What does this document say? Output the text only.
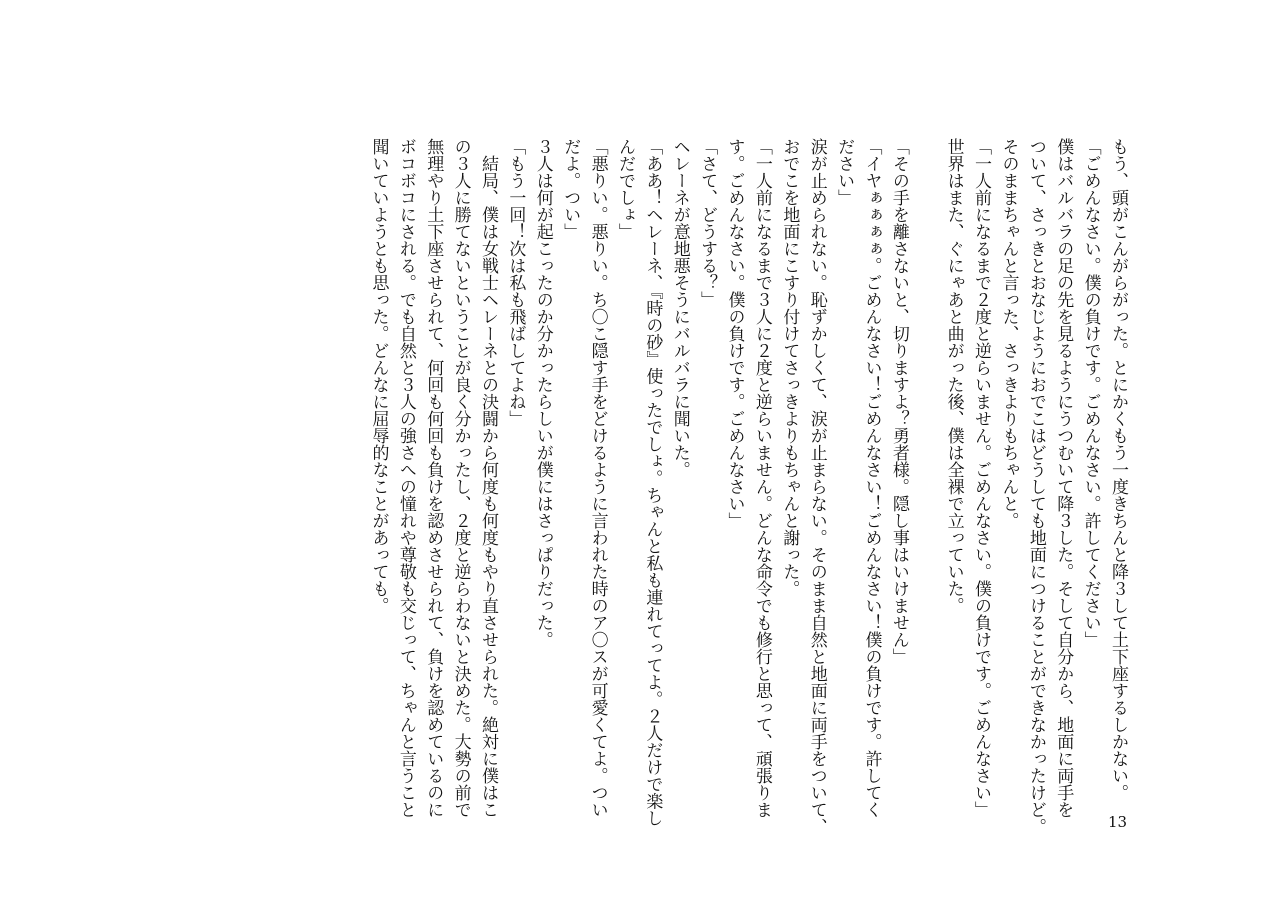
もう、頭がこんがらがった。とにかくもう一度きちんと降３して土下座するしかない。
「ごめんなさい。僕の負けです。ごめんなさい。許してください」
僕はバルバラの足の先を見るようにうつむいて降３した。そして自分から、地面に両手を
ついて、さっきとおなじようにおでこはどうしても地面につけることができなかったけど。
そのままちゃんと言った、さっきよりもちゃんと。
「一人前になるまで２度と逆らいません。ごめんなさい。僕の負けです。ごめんなさい」
世界はまた、ぐにゃあと曲がった後、僕は全裸で立っていた。
「その手を離さないと、切りますよ？勇者様。隠し事はいけません」
「イヤぁぁぁぁ。ごめんなさい！ごめんなさい！ごめんなさい！僕の負けです。許してく
ださい」
涙が止められない。恥ずかしくて、涙が止まらない。そのまま自然と地面に両手をついて、
おでこを地面にこすり付けてさっきよりもちゃんと謝った。
「一人前になるまで３人に２度と逆らいません。どんな命令でも修行と思って、頑張りま
す。ごめんなさい。僕の負けです。ごめんなさい」
「さて、どうする？」
ヘレーネが意地悪そうにバルバラに聞いた。
「ああ！ヘレーネ、『時の砂』使ったでしょ。ちゃんと私も連れてってよ。２人だけで楽し
んだでしょ」
「悪りい。悪りい。ち〇こ隠す手をどけるように言われた時のア〇スが可愛くてよ。つい
だよ。つい」
３人は何が起こったのか分かったらしいが僕にはさっぱりだった。
「もう一回！次は私も飛ばしてよね」
　結局、僕は女戦士ヘレーネとの決闘から何度も何度もやり直させられた。絶対に僕はこ
の３人に勝てないということが良く分かったし、２度と逆らわないと決めた。大勢の前で
無理やり土下座させられて、何回も何回も負けを認めさせられて、負けを認めているのに
ボコボコにされる。でも自然と３人の強さへの憧れや尊敬も交じって、ちゃんと言うこと
聞いていようとも思った。どんなに屈辱的なことがあっても。
13
